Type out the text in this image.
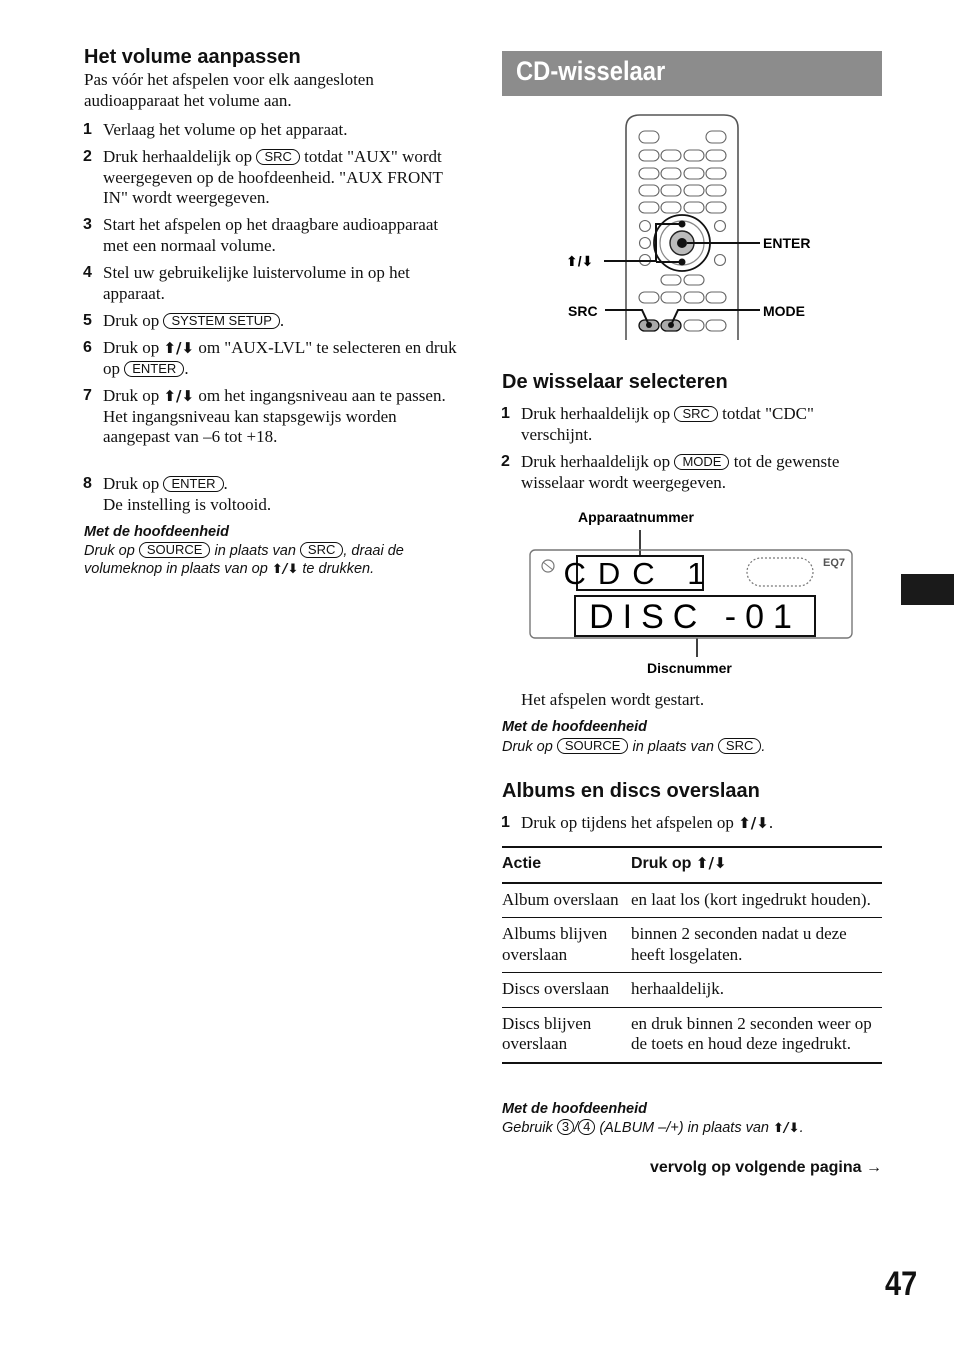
Het volume aanpassen
Pas vóór het afspelen voor elk aangesloten audioapparaat het volume aan.
1 Verlaag het volume op het apparaat.
2 Druk herhaaldelijk op SRC totdat "AUX" wordt weergegeven op de hoofdeenheid. "AUX FRONT IN" wordt weergegeven.
3 Start het afspelen op het draagbare audioapparaat met een normaal volume.
4 Stel uw gebruikelijke luistervolume in op het apparaat.
5 Druk op SYSTEM SETUP .
6 Druk op ⬆/⬇ om "AUX-LVL" te selecteren en druk op ENTER .
7 Druk op ⬆/⬇ om het ingangsniveau aan te passen.
Het ingangsniveau kan stapsgewijs worden aangepast van –6 tot +18.
8 Druk op ENTER .
De instelling is voltooid.
Met de hoofdeenheid
Druk op SOURCE in plaats van SRC , draai de volumeknop in plaats van op ⬆/⬇ te drukken.
CD-wisselaar
ENTER
MODE
SRC
⬆/⬇
De wisselaar selecteren
1 Druk herhaaldelijk op SRC totdat "CDC" verschijnt.
2 Druk herhaaldelijk op MODE tot de gewenste wisselaar wordt weergegeven.
Apparaatnummer
Discnummer
CDC 1
DISC -01
EQ7
Het afspelen wordt gestart.
Met de hoofdeenheid
Druk op SOURCE in plaats van SRC .
Albums en discs overslaan
1 Druk op tijdens het afspelen op ⬆/⬇.
Actie	Druk op ⬆/⬇
Album overslaan	en laat los (kort ingedrukt houden).
Albums blijven overslaan	binnen 2 seconden nadat u deze heeft losgelaten.
Discs overslaan	herhaaldelijk.
Discs blijven overslaan	en druk binnen 2 seconden weer op de toets en houd deze ingedrukt.
Met de hoofdeenheid
Gebruik 3 / 4 (ALBUM –/+) in plaats van ⬆/⬇.
vervolg op volgende pagina →
47
